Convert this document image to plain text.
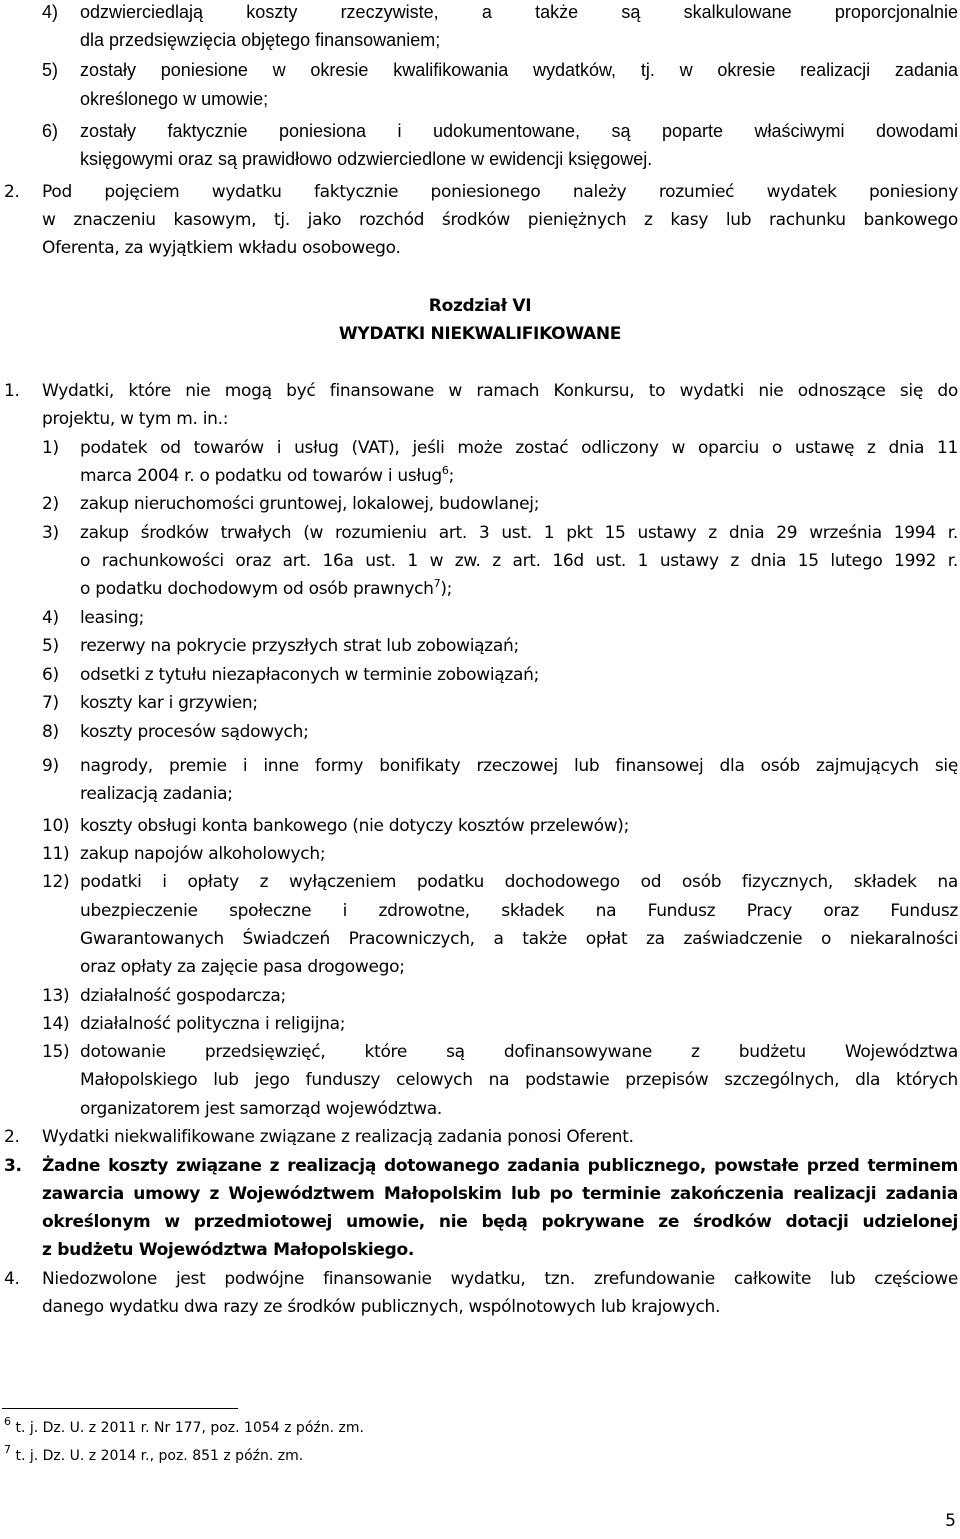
4) odzwierciedlają koszty rzeczywiste, a także są skalkulowane proporcjonalnie
dla przedsięwzięcia objętego finansowaniem;
5) zostały poniesione w okresie kwalifikowania wydatków, tj. w okresie realizacji zadania
określonego w umowie;
6) zostały faktycznie poniesiona i udokumentowane, są poparte właściwymi dowodami
księgowymi oraz są prawidłowo odzwierciedlone w ewidencji księgowej.
2. Pod pojęciem wydatku faktycznie poniesionego należy rozumieć wydatek poniesiony
w znaczeniu kasowym, tj. jako rozchód środków pieniężnych z kasy lub rachunku bankowego
Oferenta, za wyjątkiem wkładu osobowego.
Rozdział VI
WYDATKI NIEKWALIFIKOWANE
1. Wydatki, które nie mogą być finansowane w ramach Konkursu, to wydatki nie odnoszące się do
projektu, w tym m. in.:
1) podatek od towarów i usług (VAT), jeśli może zostać odliczony w oparciu o ustawę z dnia 11
marca 2004 r. o podatku od towarów i usług$^6$;
2) zakup nieruchomości gruntowej, lokalowej, budowlanej;
3) zakup środków trwałych (w rozumieniu art. 3 ust. 1 pkt 15 ustawy z dnia 29 września 1994 r.
o rachunkowości oraz art. 16a ust. 1 w zw. z art. 16d ust. 1 ustawy z dnia 15 lutego 1992 r.
o podatku dochodowym od osób prawnych$^7$);
4) leasing;
5) rezerwy na pokrycie przyszłych strat lub zobowiązań;
6) odsetki z tytułu niezapłaconych w terminie zobowiązań;
7) koszty kar i grzywien;
8) koszty procesów sądowych;
9) nagrody, premie i inne formy bonifikaty rzeczowej lub finansowej dla osób zajmujących się
realizacją zadania;
10) koszty obsługi konta bankowego (nie dotyczy kosztów przelewów);
11) zakup napojów alkoholowych;
12) podatki i opłaty z wyłączeniem podatku dochodowego od osób fizycznych, składek na
ubezpieczenie społeczne i zdrowotne, składek na Fundusz Pracy oraz Fundusz
Gwarantowanych Świadczeń Pracowniczych, a także opłat za zaświadczenie o niekaralności
oraz opłaty za zajęcie pasa drogowego;
13) działalność gospodarcza;
14) działalność polityczna i religijna;
15) dotowanie przedsięwzięć, które są dofinansowywane z budżetu Województwa
Małopolskiego lub jego funduszy celowych na podstawie przepisów szczególnych, dla których
organizatorem jest samorząd województwa.
2. Wydatki niekwalifikowane związane z realizacją zadania ponosi Oferent.
3. Żadne koszty związane z realizacją dotowanego zadania publicznego, powstałe przed terminem
zawarcia umowy z Województwem Małopolskim lub po terminie zakończenia realizacji zadania
określonym w przedmiotowej umowie, nie będą pokrywane ze środków dotacji udzielonej
z budżetu Województwa Małopolskiego.
4. Niedozwolone jest podwójne finansowanie wydatku, tzn. zrefundowanie całkowite lub częściowe
danego wydatku dwa razy ze środków publicznych, wspólnotowych lub krajowych.
$^6$ t. j. Dz. U. z 2011 r. Nr 177, poz. 1054 z późn. zm.
$^7$ t. j. Dz. U. z 2014 r., poz. 851 z późn. zm.
5
